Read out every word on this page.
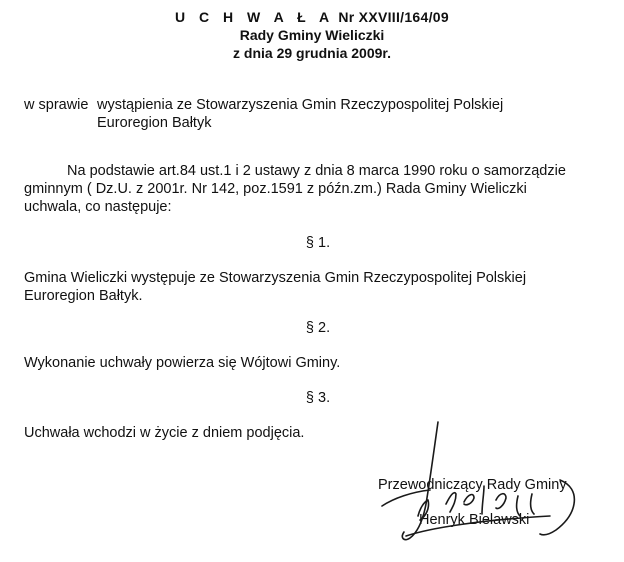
U C H W A Ł A Nr XXVIII/164/09
Rady Gminy Wieliczki
z dnia 29 grudnia 2009r.
w sprawie wystąpienia ze Stowarzyszenia Gmin Rzeczypospolitej Polskiej
Euroregion Bałtyk
Na podstawie art.84 ust.1 i 2 ustawy z dnia 8 marca 1990 roku o samorządzie
gminnym ( Dz.U. z 2001r. Nr 142, poz.1591 z późn.zm.) Rada Gminy Wieliczki
uchwala, co następuje:
§ 1.
Gmina Wieliczki występuje ze Stowarzyszenia Gmin Rzeczypospolitej Polskiej
Euroregion Bałtyk.
§ 2.
Wykonanie uchwały powierza się Wójtowi Gminy.
§ 3.
Uchwała wchodzi w życie z dniem podjęcia.
Przewodniczący Rady Gminy
Henryk Bielawski
